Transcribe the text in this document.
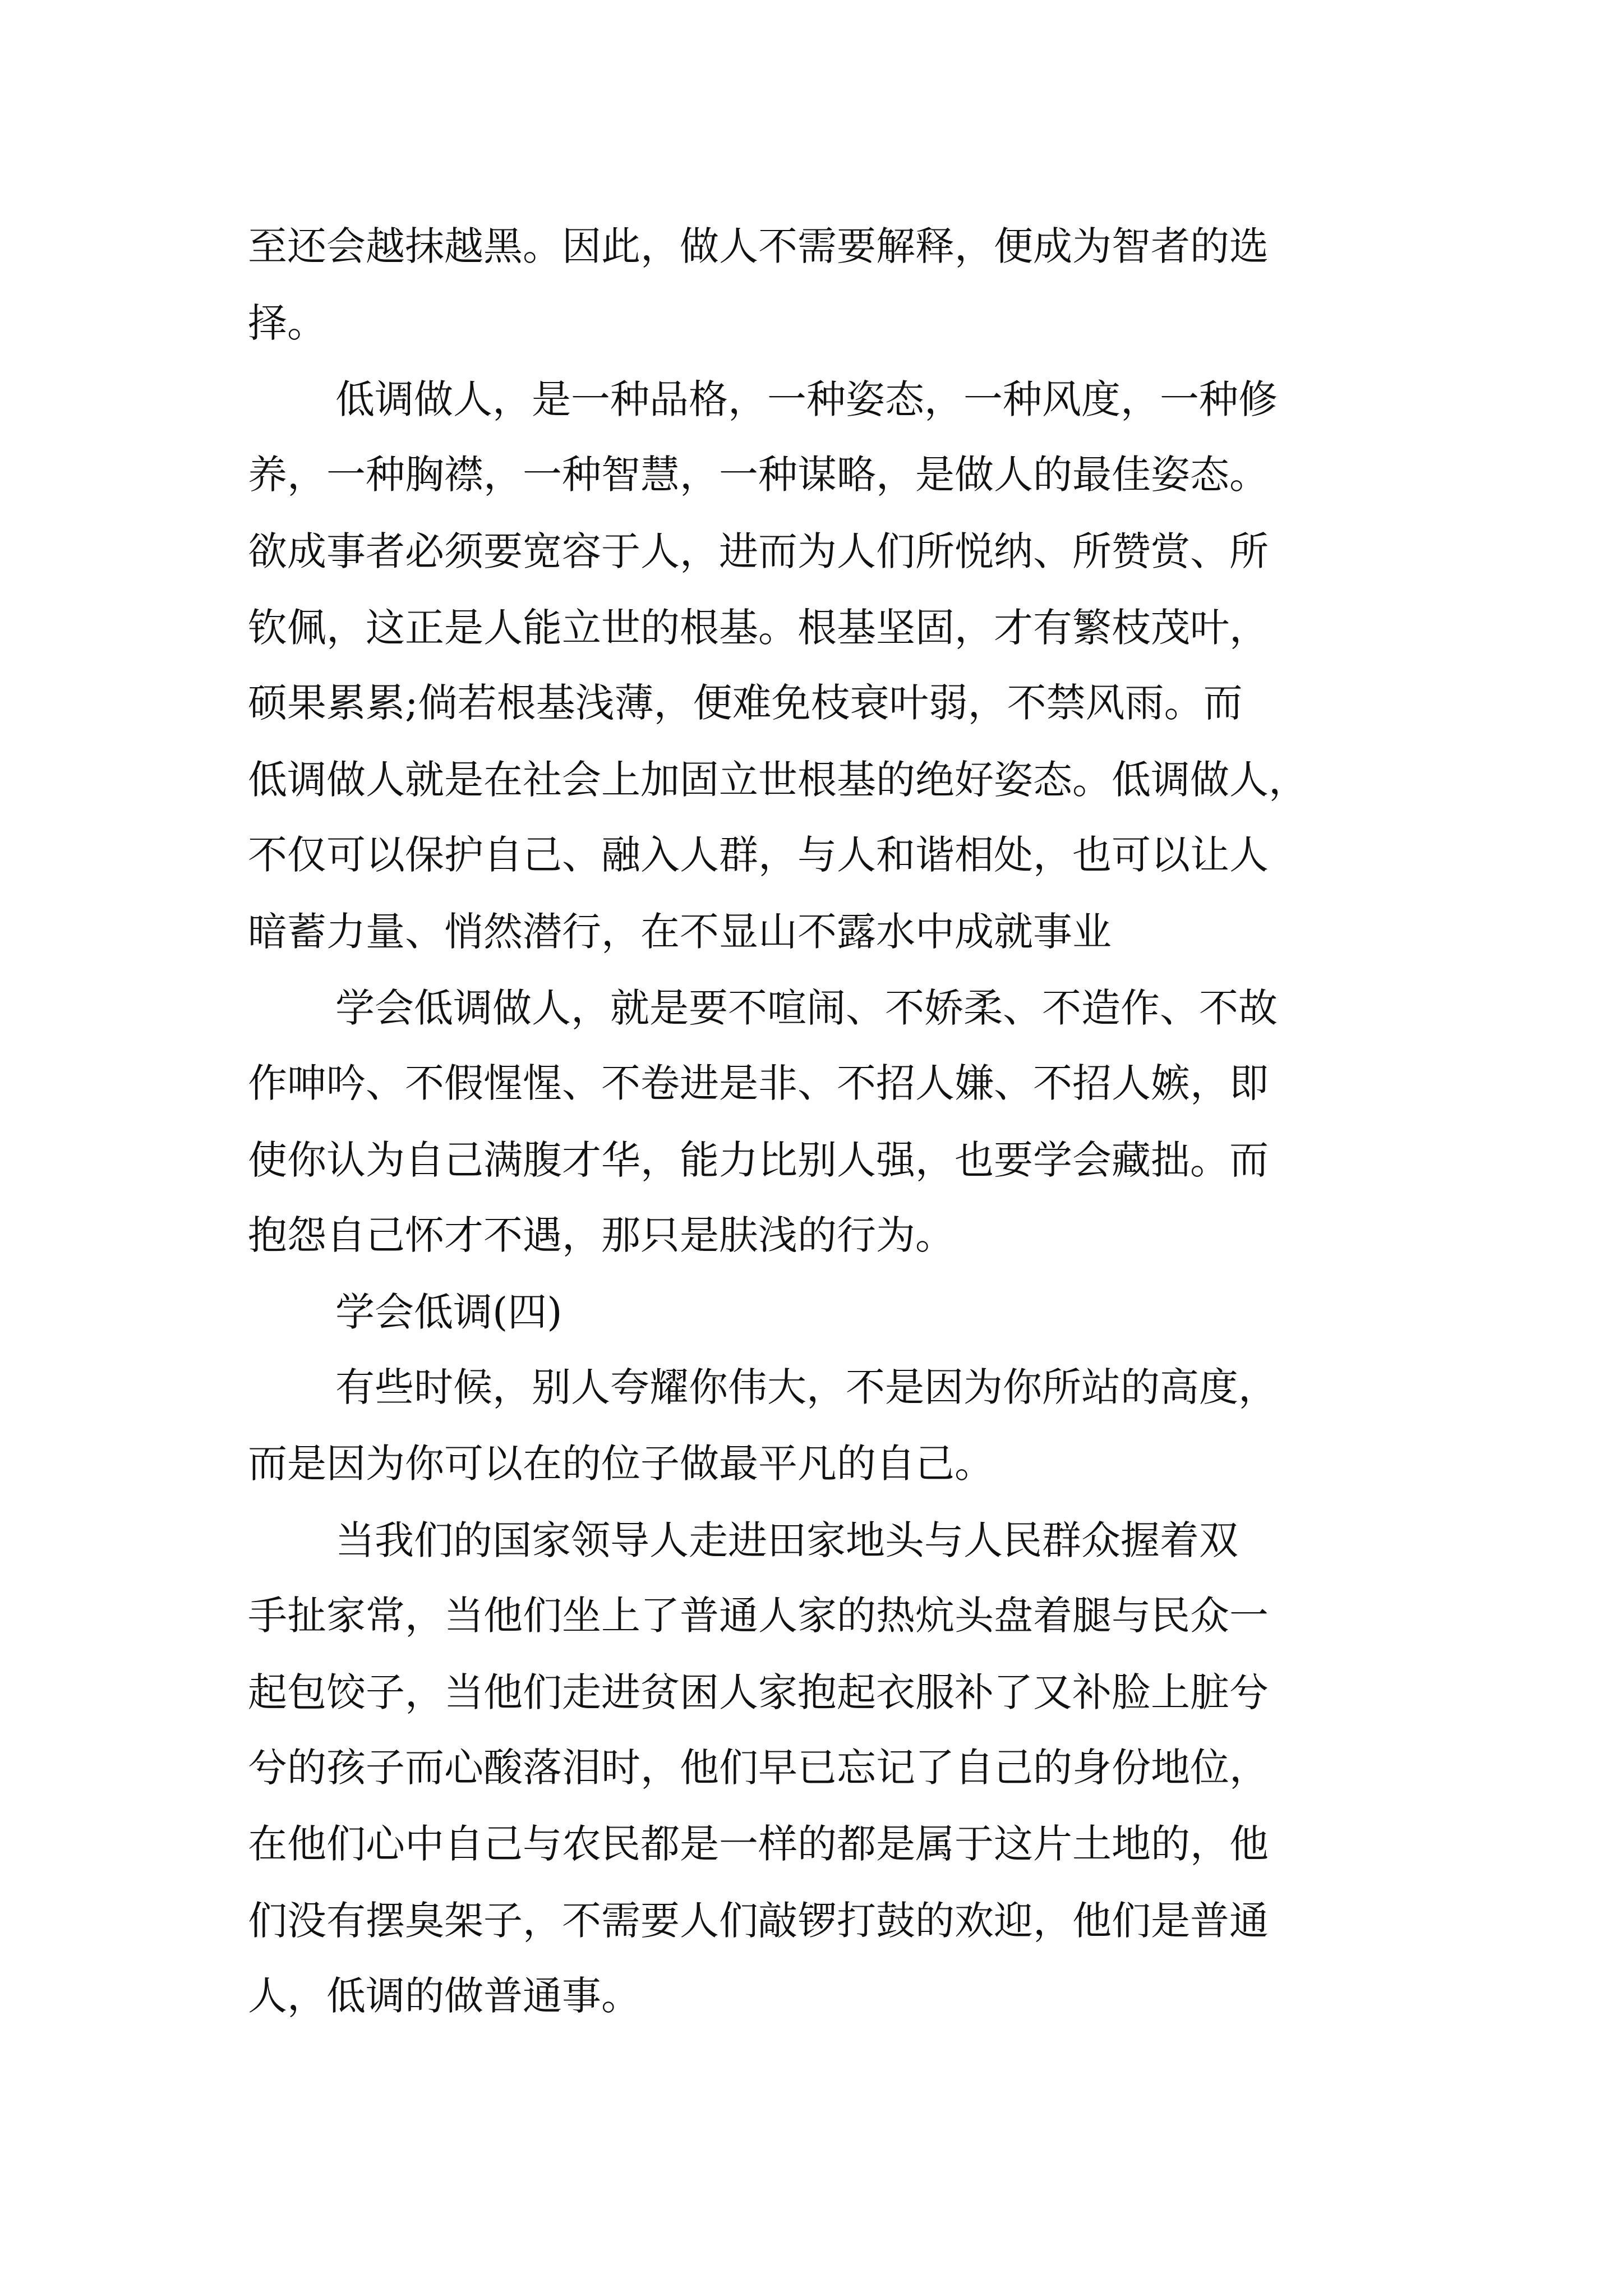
至还会越抹越黑。因此，做人不需要解释，便成为智者的选

择。

低调做人，是一种品格，一种姿态，一种风度，一种修

养，一种胸襟，一种智慧，一种谋略，是做人的最佳姿态。

欲成事者必须要宽容于人，进而为人们所悦纳、所赞赏、所

钦佩，这正是人能立世的根基。根基坚固，才有繁枝茂叶，

硕果累累;倘若根基浅薄，便难免枝衰叶弱，不禁风雨。而

低调做人就是在社会上加固立世根基的绝好姿态。低调做人，

不仅可以保护自己、融入人群，与人和谐相处，也可以让人

暗蓄力量、悄然潜行，在不显山不露水中成就事业

学会低调做人，就是要不喧闹、不娇柔、不造作、不故

作呻吟、不假惺惺、不卷进是非、不招人嫌、不招人嫉，即

使你认为自己满腹才华，能力比别人强，也要学会藏拙。而

抱怨自己怀才不遇，那只是肤浅的行为。

学会低调(四)

有些时候，别人夸耀你伟大，不是因为你所站的高度，

而是因为你可以在的位子做最平凡的自己。

当我们的国家领导人走进田家地头与人民群众握着双

手扯家常，当他们坐上了普通人家的热炕头盘着腿与民众一

起包饺子，当他们走进贫困人家抱起衣服补了又补脸上脏兮

兮的孩子而心酸落泪时，他们早已忘记了自己的身份地位，

在他们心中自己与农民都是一样的都是属于这片土地的，他

们没有摆臭架子，不需要人们敲锣打鼓的欢迎，他们是普通

人，低调的做普通事。
